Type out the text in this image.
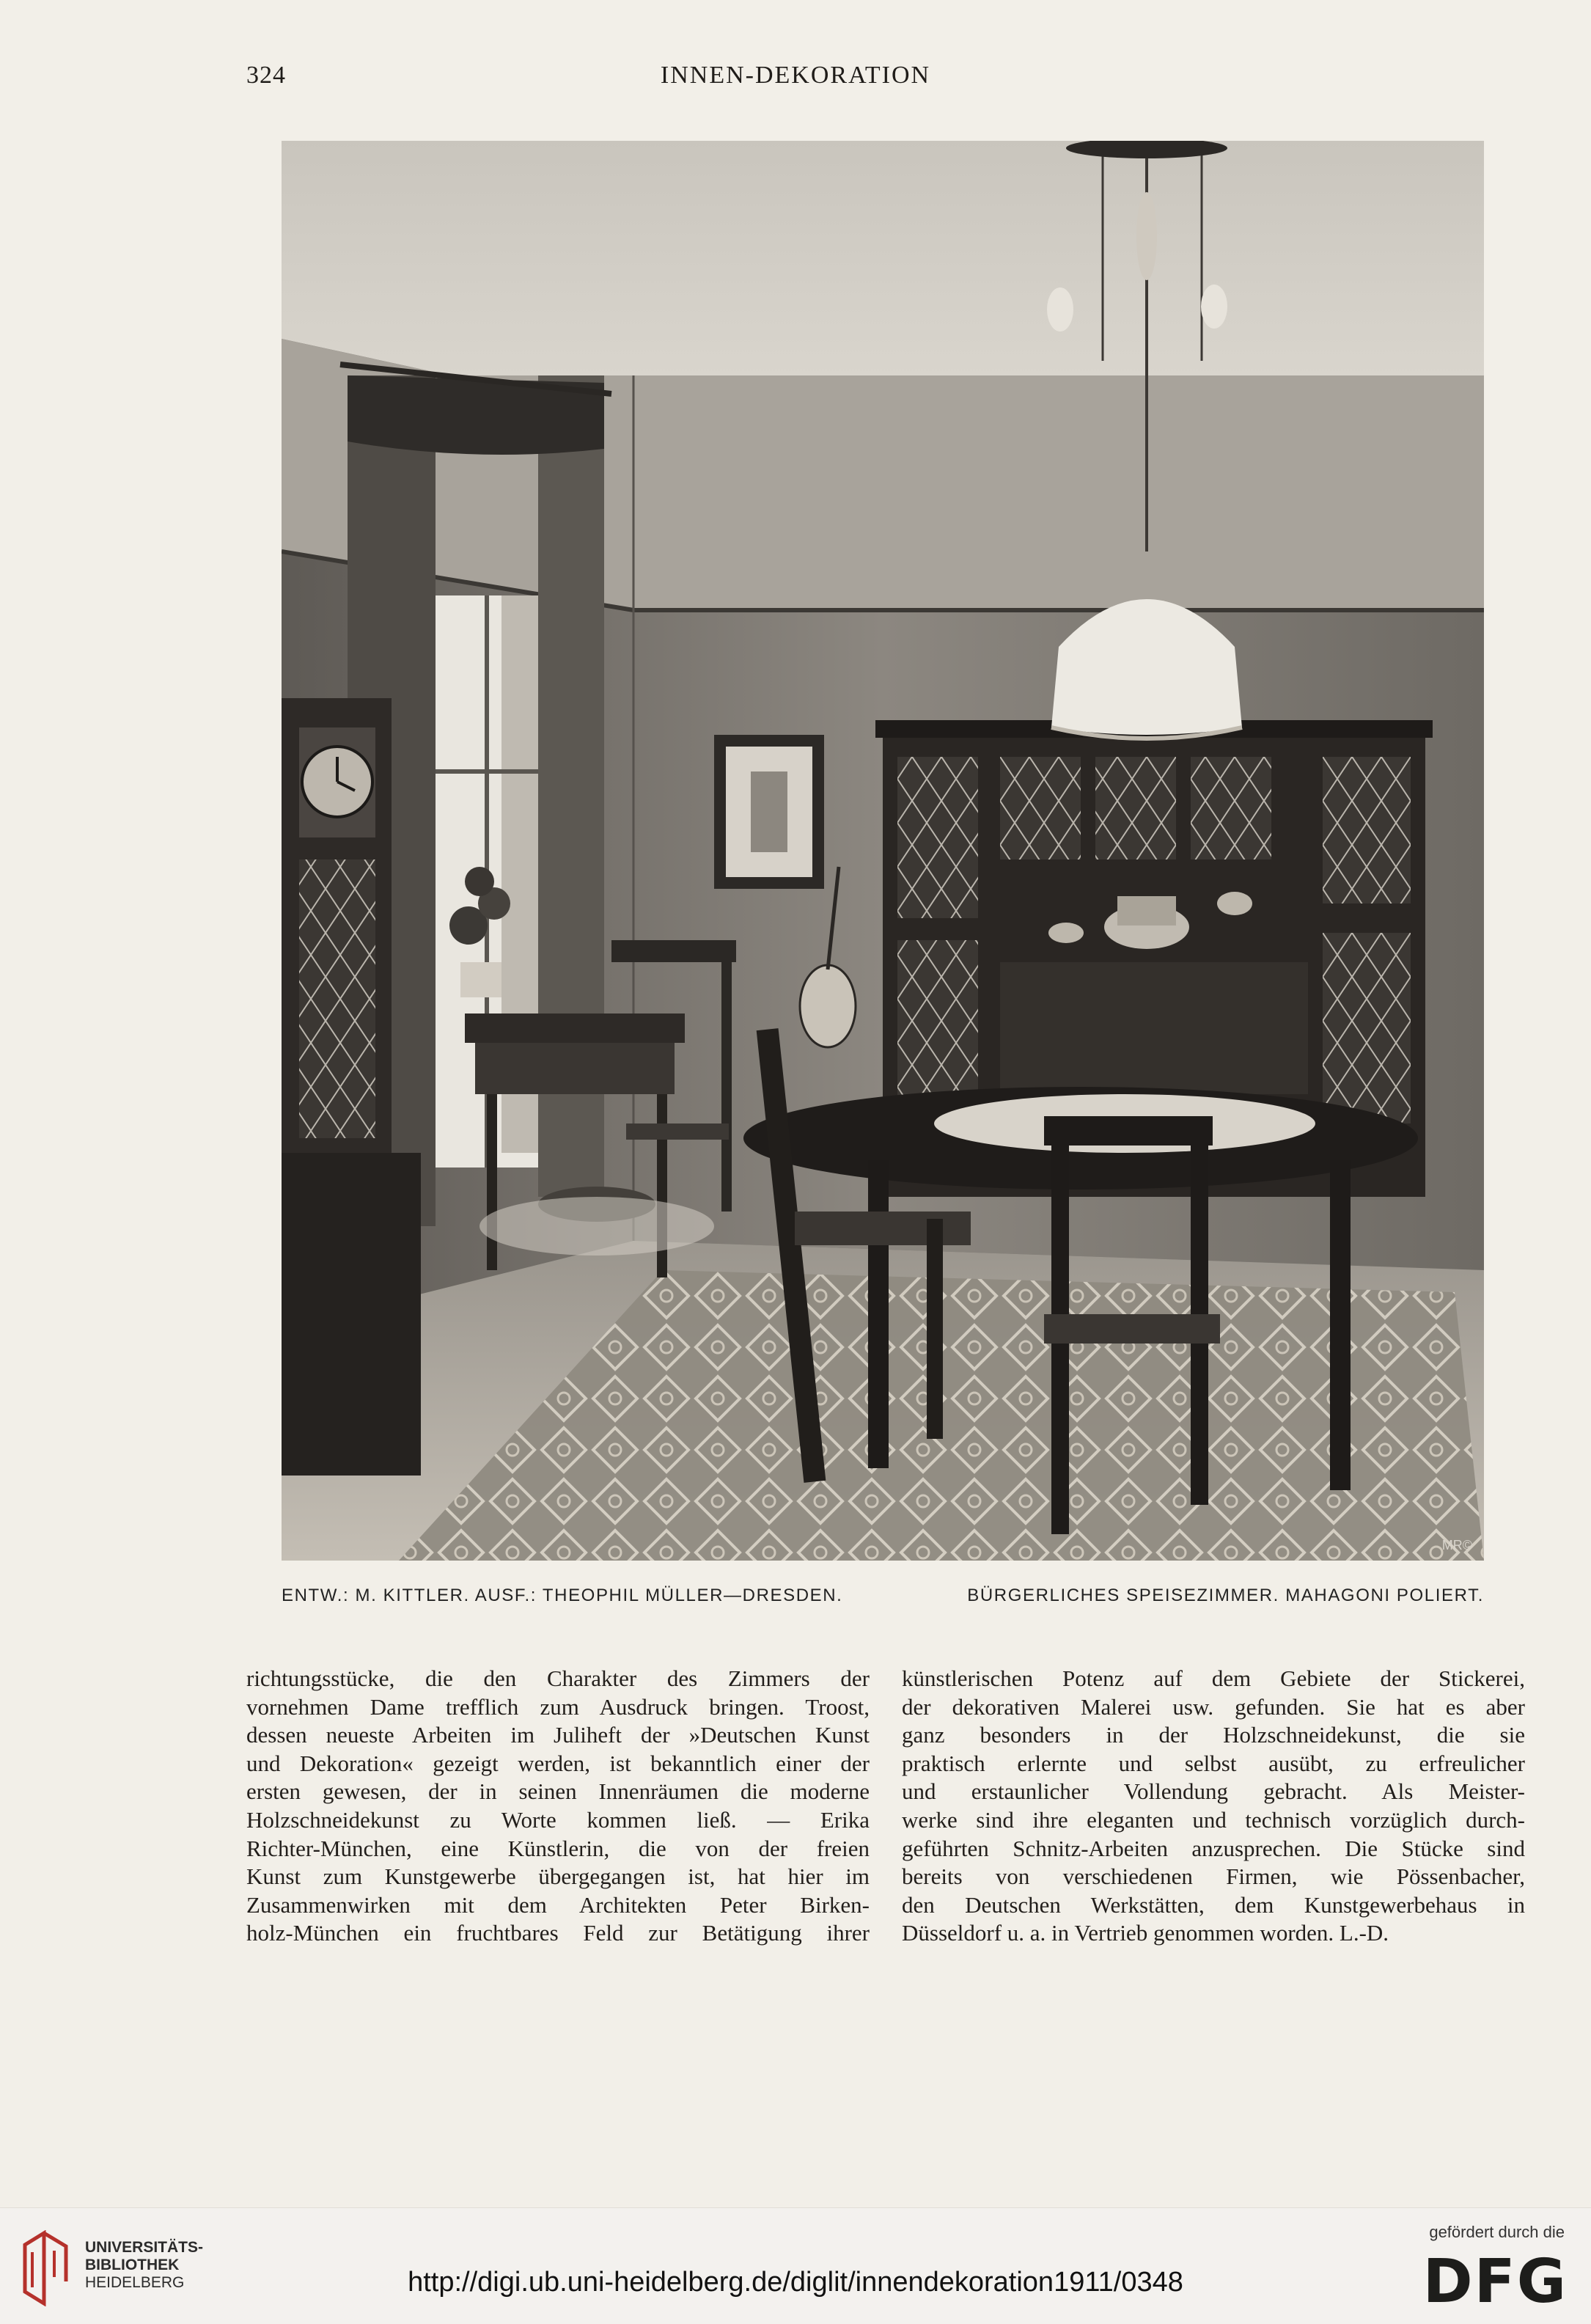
324	INNEN-DEKORATION
MR©
ENTW.: M. KITTLER. AUSF.: THEOPHIL MÜLLER—DRESDEN.	BÜRGERLICHES SPEISEZIMMER. MAHAGONI POLIERT.
richtungsstücke, die den Charakter des Zimmers der
vornehmen Dame trefflich zum Ausdruck bringen. Troost,
dessen neueste Arbeiten im Juliheft der »Deutschen Kunst
und Dekoration« gezeigt werden, ist bekanntlich einer der
ersten gewesen, der in seinen Innenräumen die moderne
Holzschneidekunst zu Worte kommen ließ. — Erika
Richter-München, eine Künstlerin, die von der freien
Kunst zum Kunstgewerbe übergegangen ist, hat hier im
Zusammenwirken mit dem Architekten Peter Birken-
holz-München ein fruchtbares Feld zur Betätigung ihrer
künstlerischen Potenz auf dem Gebiete der Stickerei,
der dekorativen Malerei usw. gefunden. Sie hat es aber
ganz besonders in der Holzschneidekunst, die sie
praktisch erlernte und selbst ausübt, zu erfreulicher
und erstaunlicher Vollendung gebracht. Als Meister-
werke sind ihre eleganten und technisch vorzüglich durch-
geführten Schnitz-Arbeiten anzusprechen. Die Stücke sind
bereits von verschiedenen Firmen, wie Pössenbacher,
den Deutschen Werkstätten, dem Kunstgewerbehaus in
Düsseldorf u. a. in Vertrieb genommen worden. L.-D.
UNIVERSITÄTS-
BIBLIOTHEK
HEIDELBERG	http://digi.ub.uni-heidelberg.de/diglit/innendekoration1911/0348
gefördert durch die
DFG
